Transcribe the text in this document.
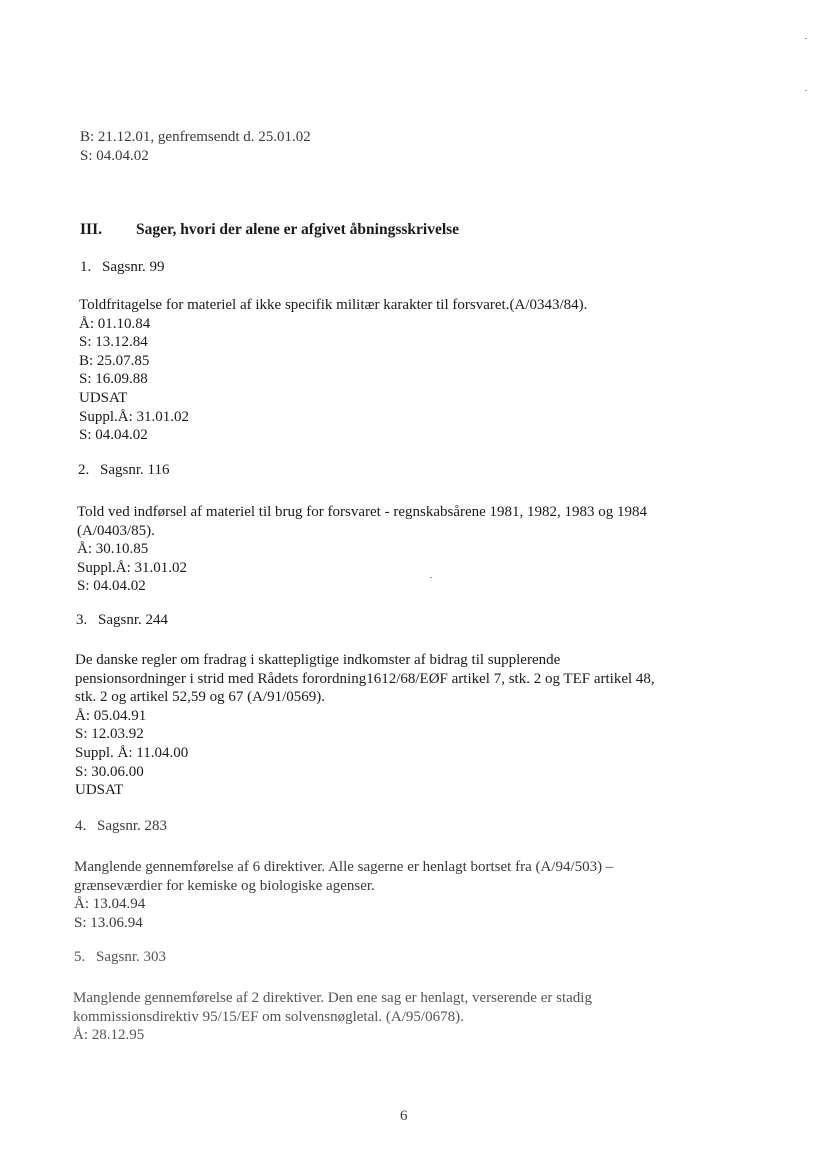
B: 21.12.01, genfremsendt d. 25.01.02
S: 04.04.02
III. Sager, hvori der alene er afgivet åbningsskrivelse
1. Sagsnr. 99
Toldfritagelse for materiel af ikke specifik militær karakter til forsvaret.(A/0343/84).
Å: 01.10.84
S: 13.12.84
B: 25.07.85
S: 16.09.88
UDSAT
Suppl.Å: 31.01.02
S: 04.04.02
2. Sagsnr. 116
Told ved indførsel af materiel til brug for forsvaret - regnskabsårene 1981, 1982, 1983 og 1984
(A/0403/85).
Å: 30.10.85
Suppl.Å: 31.01.02
S: 04.04.02
3. Sagsnr. 244
De danske regler om fradrag i skattepligtige indkomster af bidrag til supplerende
pensionsordninger i strid med Rådets forordning1612/68/EØF artikel 7, stk. 2 og TEF artikel 48,
stk. 2 og artikel 52,59 og 67 (A/91/0569).
Å: 05.04.91
S: 12.03.92
Suppl. Å: 11.04.00
S: 30.06.00
UDSAT
4. Sagsnr. 283
Manglende gennemførelse af 6 direktiver. Alle sagerne er henlagt bortset fra (A/94/503) –
grænseværdier for kemiske og biologiske agenser.
Å: 13.04.94
S: 13.06.94
5. Sagsnr. 303
Manglende gennemførelse af 2 direktiver. Den ene sag er henlagt, verserende er stadig
kommissionsdirektiv 95/15/EF om solvensnøgletal. (A/95/0678).
Å: 28.12.95
6
